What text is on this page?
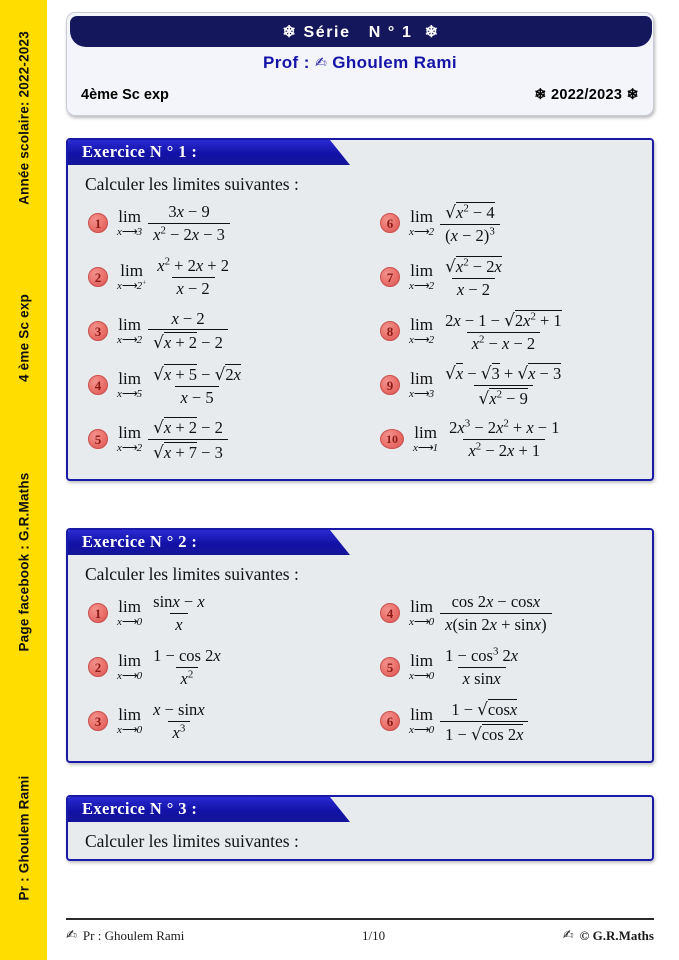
Année scolaire: 2022-2023
4 ème Sc exp
Page facebook : G.R.Maths
Pr : Ghoulem Rami
❄ Série   N ° 1  ❄
Prof : ✍ Ghoulem Rami
4ème Sc exp	❄ 2022/2023 ❄
Exercice N ° 1 :
Calculer les limites suivantes :
1	lim
x⟶3 $\frac{3x - 9}{x^2 - 2x - 3}$
2	lim
x⟶2+ $\frac{x^2 + 2x + 2}{x - 2}$
3	lim
x⟶2 $\frac{x - 2}{√x + 2 - 2}$
4	lim
x⟶5 $\frac{√x + 5 - √2x}{x - 5}$
5	lim
x⟶2 $\frac{√x + 2 - 2}{√x + 7 - 3}$
6	lim
x⟶2 $\frac{√x^2 - 4}{(x - 2)^3}$
7	lim
x⟶2 $\frac{√x^2 - 2x}{x - 2}$
8	lim
x⟶2 $\frac{2x - 1 - √2x^2 + 1}{x^2 - x - 2}$
9	lim
x⟶3 $\frac{√x - √3 + √x - 3}{√x^2 - 9}$
10 lim
x⟶1 $\frac{2x^3 - 2x^2 + x - 1}{x^2 - 2x + 1}$
Exercice N ° 2 :
Calculer les limites suivantes :
1	lim
x⟶0 $\frac{\sin x - x}{x}$
2	lim
x⟶0 $\frac{1 - \cos 2x}{x^2}$
3	lim
x⟶0 $\frac{x - \sin x}{x^3}$
4	lim
x⟶0 $\frac{\cos 2x - \cos x}{x(\sin 2x + \sin x)}$
5	lim
x⟶0 $\frac{1 - \cos^3 2x}{\text{x sinx}}$
6	lim
x⟶0 $\frac{1 - √\cos x}{1 - √\cos 2x}$
Exercice N ° 3 :
Calculer les limites suivantes :
✍ Pr : Ghoulem Rami	1/10	✍ © G.R.Maths
